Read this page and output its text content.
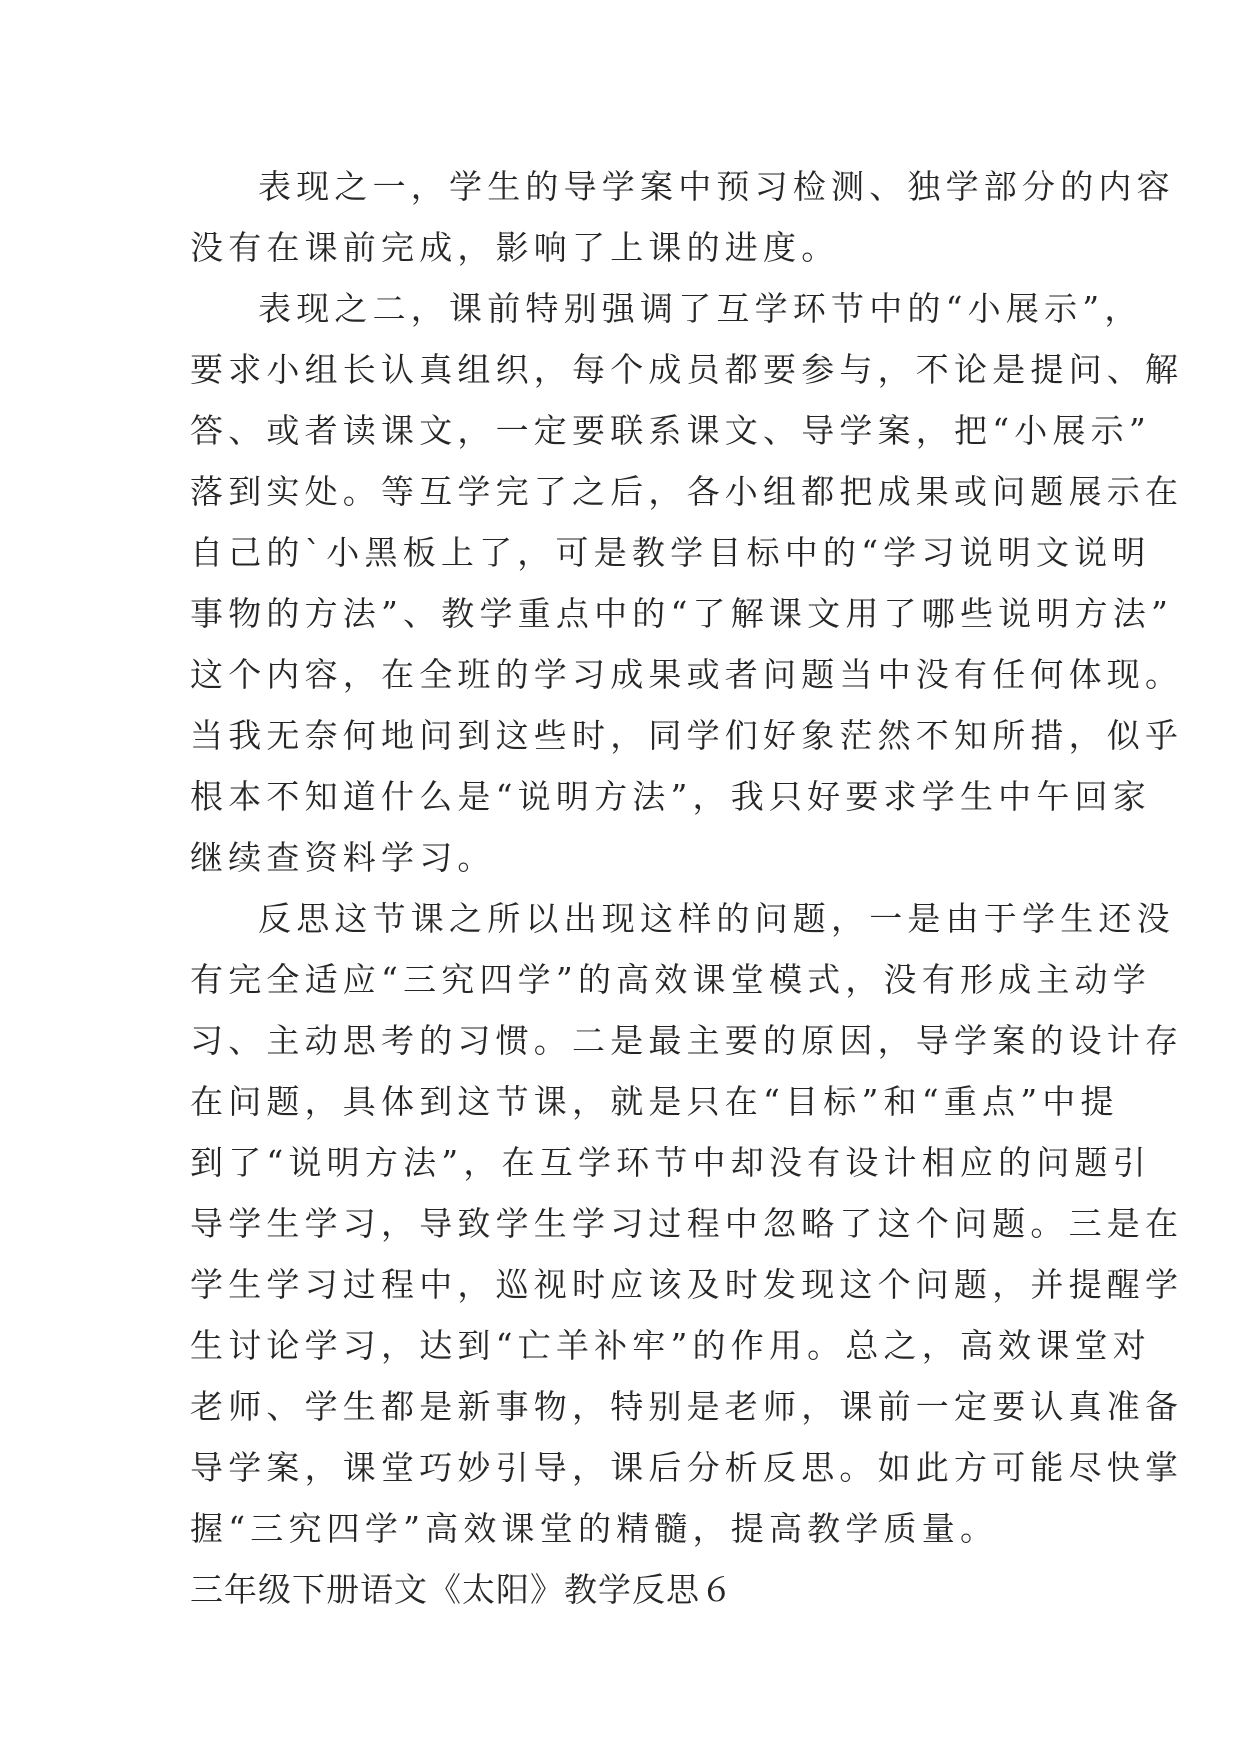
表现之一，学生的导学案中预习检测、独学部分的内容

没有在课前完成，影响了上课的进度。

表现之二，课前特别强调了互学环节中的“小展示”，

要求小组长认真组织，每个成员都要参与，不论是提问、解

答、或者读课文，一定要联系课文、导学案，把“小展示”

落到实处。等互学完了之后，各小组都把成果或问题展示在

自己的`小黑板上了，可是教学目标中的“学习说明文说明

事物的方法”、教学重点中的“了解课文用了哪些说明方法”

这个内容，在全班的学习成果或者问题当中没有任何体现。

当我无奈何地问到这些时，同学们好象茫然不知所措，似乎

根本不知道什么是“说明方法”，我只好要求学生中午回家

继续查资料学习。

反思这节课之所以出现这样的问题，一是由于学生还没

有完全适应“三究四学”的高效课堂模式，没有形成主动学

习、主动思考的习惯。二是最主要的原因，导学案的设计存

在问题，具体到这节课，就是只在“目标”和“重点”中提

到了“说明方法”，在互学环节中却没有设计相应的问题引

导学生学习，导致学生学习过程中忽略了这个问题。三是在

学生学习过程中，巡视时应该及时发现这个问题，并提醒学

生讨论学习，达到“亡羊补牢”的作用。总之，高效课堂对

老师、学生都是新事物，特别是老师，课前一定要认真准备

导学案，课堂巧妙引导，课后分析反思。如此方可能尽快掌

握“三究四学”高效课堂的精髓，提高教学质量。

三年级下册语文《太阳》教学反思６
